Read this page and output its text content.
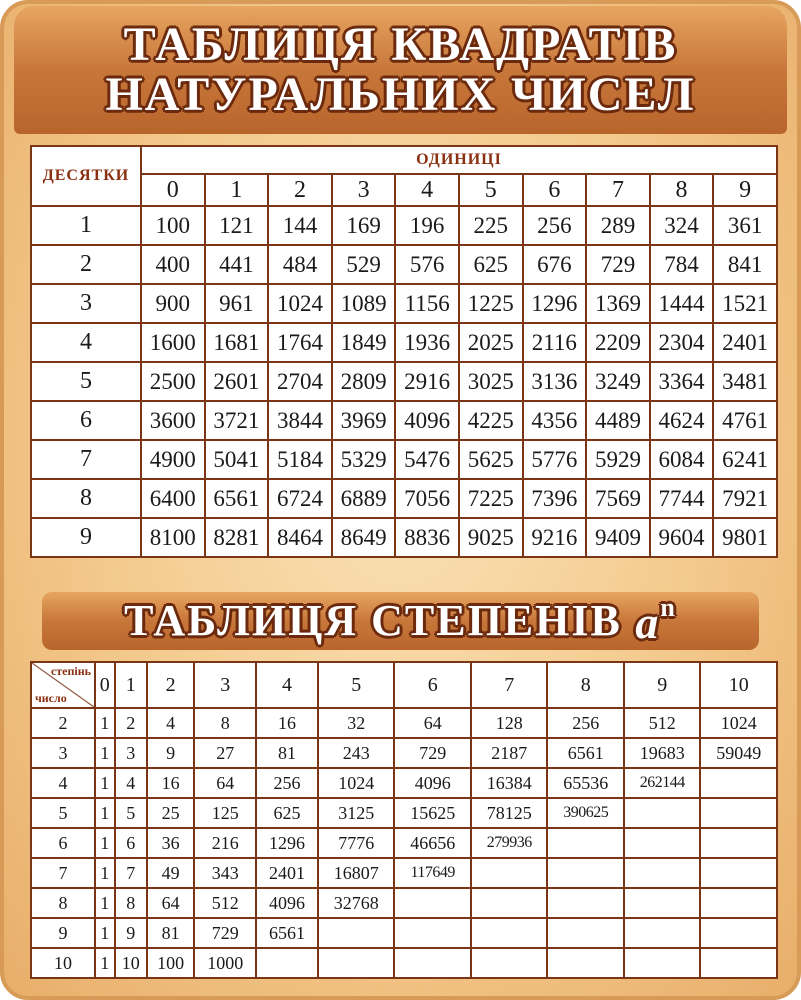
ТАБЛИЦЯ КВАДРАТІВ
НАТУРАЛЬНИХ ЧИСЕЛ
ДЕСЯТКИ	ОДИНИЦІ									
	0	1	2	3	4	5	6	7	8	9
1	100	121	144	169	196	225	256	289	324	361
2	400	441	484	529	576	625	676	729	784	841
3	900	961	1024	1089	1156	1225	1296	1369	1444	1521
4	1600	1681	1764	1849	1936	2025	2116	2209	2304	2401
5	2500	2601	2704	2809	2916	3025	3136	3249	3364	3481
6	3600	3721	3844	3969	4096	4225	4356	4489	4624	4761
7	4900	5041	5184	5329	5476	5625	5776	5929	6084	6241
8	6400	6561	6724	6889	7056	7225	7396	7569	7744	7921
9	8100	8281	8464	8649	8836	9025	9216	9409	9604	9801
ТАБЛИЦЯ СТЕПЕНІВ $a^n$
степінь
число	0	1	2	3	4	5	6	7	8	9	10
2	1	2	4	8	16	32	64	128	256	512	1024
3	1	3	9	27	81	243	729	2187	6561	19683	59049
4	1	4	16	64	256	1024	4096	16384	65536	262144	
5	1	5	25	125	625	3125	15625	78125	390625		
6	1	6	36	216	1296	7776	46656	279936			
7	1	7	49	343	2401	16807	117649				
8	1	8	64	512	4096	32768					
9	1	9	81	729	6561						
10	1	10	100	1000							
